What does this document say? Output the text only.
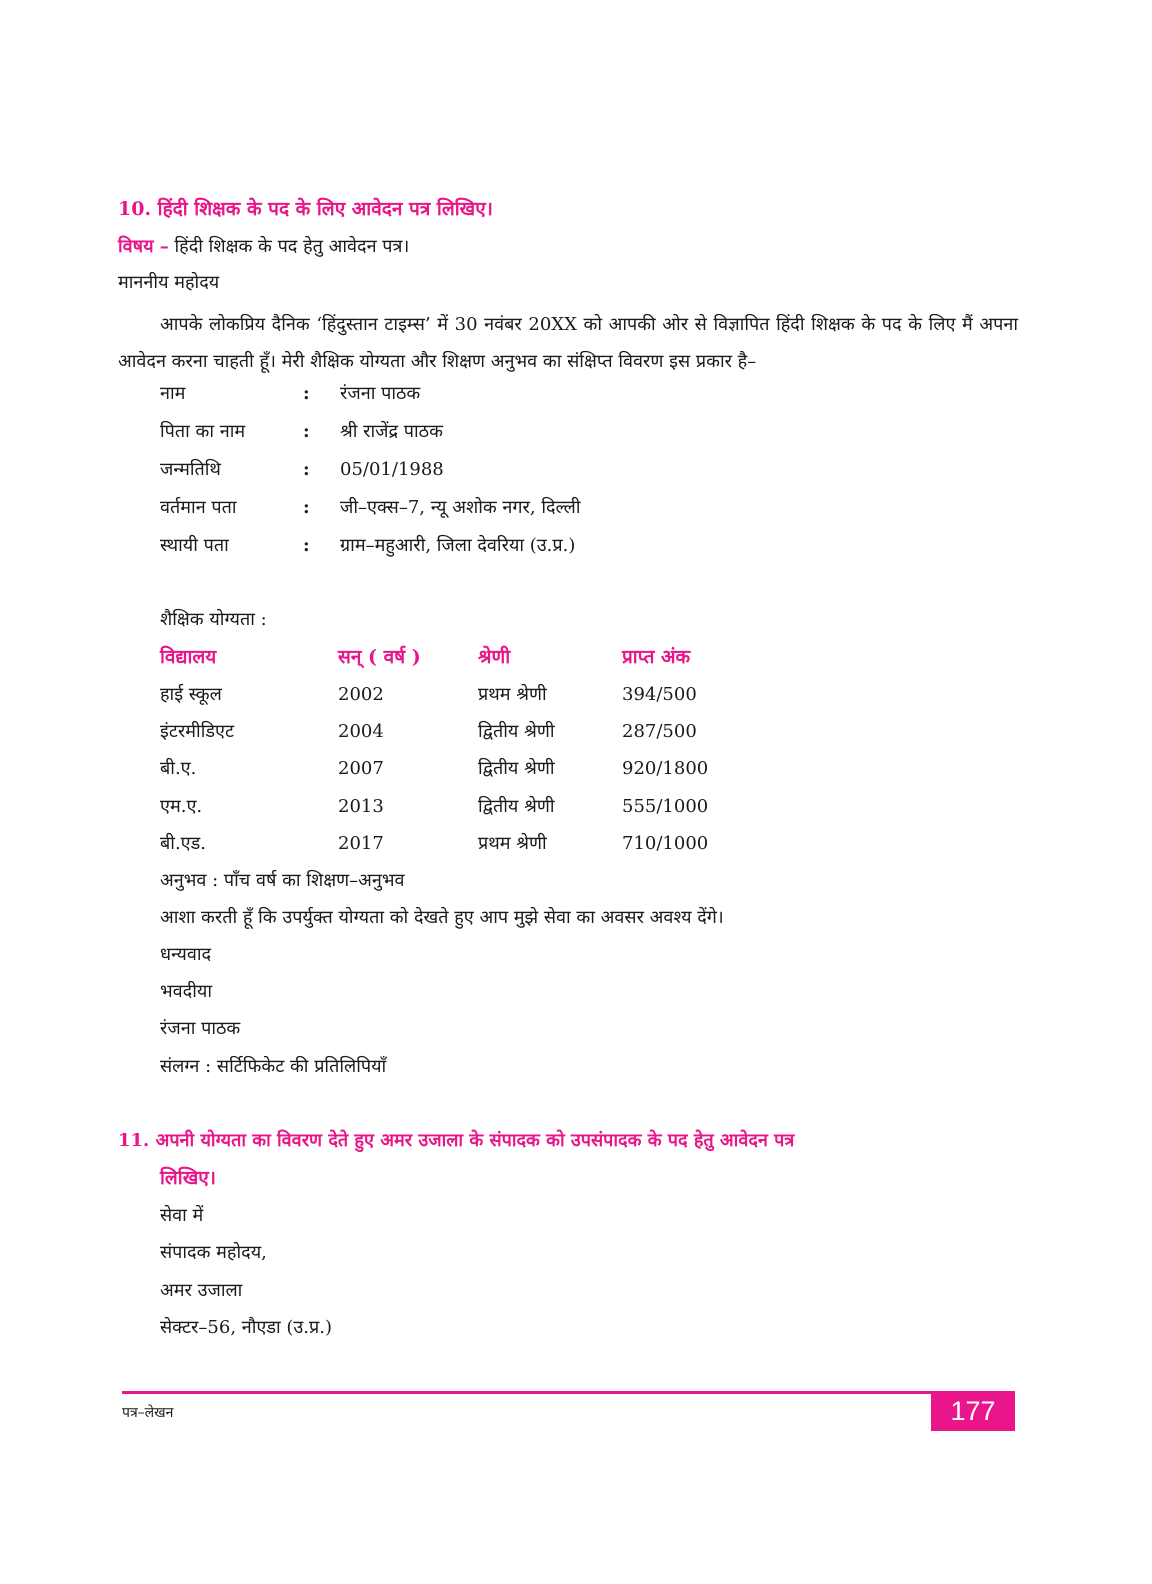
10. हिंदी शिक्षक के पद के लिए आवेदन पत्र लिखिए।
विषय – हिंदी शिक्षक के पद हेतु आवेदन पत्र।
माननीय महोदय
आपके लोकप्रिय दैनिक ‘हिंदुस्तान टाइम्स’ में 30 नवंबर 20XX को आपकी ओर से विज्ञापित हिंदी शिक्षक के पद के लिए मैं अपना आवेदन करना चाहती हूँ। मेरी शैक्षिक योग्यता और शिक्षण अनुभव का संक्षिप्त विवरण इस प्रकार है–
नाम	: रंजना पाठक
पिता का नाम	: श्री राजेंद्र पाठक
जन्मतिथि	: 05/01/1988
वर्तमान पता	: जी–एक्स–7, न्यू अशोक नगर, दिल्ली
स्थायी पता	: ग्राम–महुआरी, जिला देवरिया (उ.प्र.)
शैक्षिक योग्यता :
विद्यालय	सन् ( वर्ष )	श्रेणी	प्राप्त अंक
हाई स्कूल	2002	प्रथम श्रेणी	394/500
इंटरमीडिएट	2004	द्वितीय श्रेणी	287/500
बी.ए.	2007	द्वितीय श्रेणी	920/1800
एम.ए.	2013	द्वितीय श्रेणी	555/1000
बी.एड.	2017	प्रथम श्रेणी	710/1000
अनुभव : पाँच वर्ष का शिक्षण–अनुभव
आशा करती हूँ कि उपर्युक्त योग्यता को देखते हुए आप मुझे सेवा का अवसर अवश्य देंगे।
धन्यवाद
भवदीया
रंजना पाठक
संलग्न : सर्टिफिकेट की प्रतिलिपियाँ
11. अपनी योग्यता का विवरण देते हुए अमर उजाला के संपादक को उपसंपादक के पद हेतु आवेदन पत्र
लिखिए।
सेवा में
संपादक महोदय,
अमर उजाला
सेक्टर–56, नौएडा (उ.प्र.)
पत्र–लेखन	177
